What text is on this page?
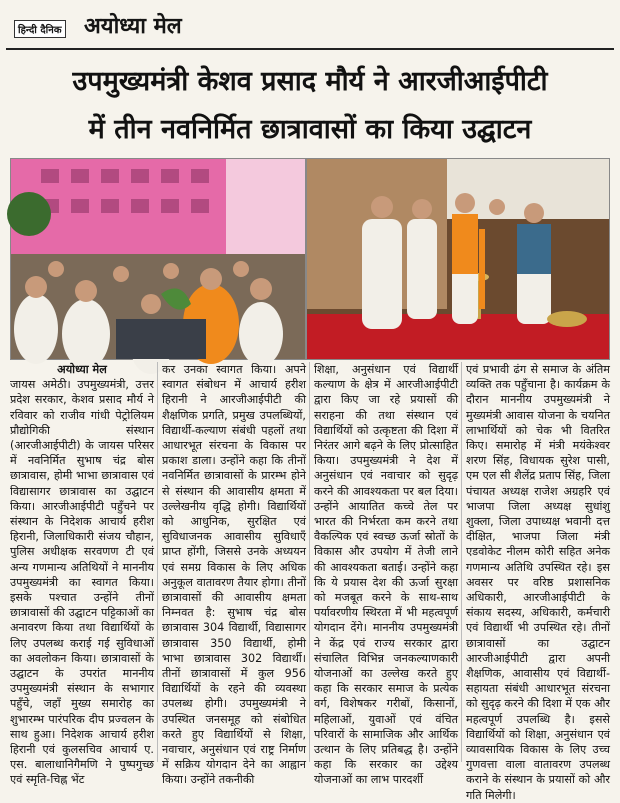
हिन्दी दैनिक अयोध्या मेल
उपमुख्यमंत्री केशव प्रसाद मौर्य ने आरजीआईपीटी
में तीन नवनिर्मित छात्रावासों का किया उद्घाटन
अयोध्या मेल
जायस अमेठी। उपमुख्यमंत्री, उत्तर प्रदेश सरकार, केशव प्रसाद मौर्य ने रविवार को राजीव गांधी पेट्रोलियम प्रौद्योगिकी संस्थान (आरजीआईपीटी) के जायस परिसर में नवनिर्मित सुभाष चंद्र बोस छात्रावास, होमी भाभा छात्रावास एवं विद्यासागर छात्रावास का उद्घाटन किया। आरजीआईपीटी पहुँचने पर संस्थान के निदेशक आचार्य हरीश हिरानी, जिलाधिकारी संजय चौहान, पुलिस अधीक्षक सरवणण टी एवं अन्य गणमान्य अतिथियों ने माननीय उपमुख्यमंत्री का स्वागत किया। इसके पश्चात उन्होंने तीनों छात्रावासों की उद्घाटन पट्टिकाओं का अनावरण किया तथा विद्यार्थियों के लिए उपलब्ध कराई गई सुविधाओं का अवलोकन किया। छात्रावासों के उद्घाटन के उपरांत माननीय उपमुख्यमंत्री संस्थान के सभागार पहुँचे, जहाँ मुख्य समारोह का शुभारम्भ पारंपरिक दीप प्रज्वलन के साथ हुआ। निदेशक आचार्य हरीश हिरानी एवं कुलसचिव आचार्य ए. एस. बालाधानिगैमणि ने पुष्पगुच्छ एवं स्मृति-चिह्न भेंट
कर उनका स्वागत किया। अपने स्वागत संबोधन में आचार्य हरीश हिरानी ने आरजीआईपीटी की शैक्षणिक प्रगति, प्रमुख उपलब्धियों, विद्यार्थी-कल्याण संबंधी पहलों तथा आधारभूत संरचना के विकास पर प्रकाश डाला। उन्होंने कहा कि तीनों नवनिर्मित छात्रावासों के प्रारम्भ होने से संस्थान की आवासीय क्षमता में उल्लेखनीय वृद्धि होगी। विद्यार्थियों को आधुनिक, सुरक्षित एवं सुविधाजनक आवासीय सुविधाएँ प्राप्त होंगी, जिससे उनके अध्ययन एवं समग्र विकास के लिए अधिक अनुकूल वातावरण तैयार होगा। तीनों छात्रावासों की आवासीय क्षमता निम्नवत है: सुभाष चंद्र बोस छात्रावास 304 विद्यार्थी, विद्यासागर छात्रावास 350 विद्यार्थी, होमी भाभा छात्रावास 302 विद्यार्थी। तीनों छात्रावासों में कुल 956 विद्यार्थियों के रहने की व्यवस्था उपलब्ध होगी। उपमुख्यमंत्री ने उपस्थित जनसमूह को संबोधित करते हुए विद्यार्थियों से शिक्षा, नवाचार, अनुसंधान एवं राष्ट्र निर्माण में सक्रिय योगदान देने का आह्वान किया। उन्होंने तकनीकी
शिक्षा, अनुसंधान एवं विद्यार्थी कल्याण के क्षेत्र में आरजीआईपीटी द्वारा किए जा रहे प्रयासों की सराहना की तथा संस्थान एवं विद्यार्थियों को उत्कृष्टता की दिशा में निरंतर आगे बढ़ने के लिए प्रोत्साहित किया। उपमुख्यमंत्री ने देश में अनुसंधान एवं नवाचार को सुदृढ़ करने की आवश्यकता पर बल दिया। उन्होंने आयातित कच्चे तेल पर भारत की निर्भरता कम करने तथा वैकल्पिक एवं स्वच्छ ऊर्जा स्रोतों के विकास और उपयोग में तेजी लाने की आवश्यकता बताई। उन्होंने कहा कि ये प्रयास देश की ऊर्जा सुरक्षा को मजबूत करने के साथ-साथ पर्यावरणीय स्थिरता में भी महत्वपूर्ण योगदान देंगे। माननीय उपमुख्यमंत्री ने केंद्र एवं राज्य सरकार द्वारा संचालित विभिन्न जनकल्याणकारी योजनाओं का उल्लेख करते हुए कहा कि सरकार समाज के प्रत्येक वर्ग, विशेषकर गरीबों, किसानों, महिलाओं, युवाओं एवं वंचित परिवारों के सामाजिक और आर्थिक उत्थान के लिए प्रतिबद्ध है। उन्होंने कहा कि सरकार का उद्देश्य योजनाओं का लाभ पारदर्शी
एवं प्रभावी ढंग से समाज के अंतिम व्यक्ति तक पहुँचाना है। कार्यक्रम के दौरान माननीय उपमुख्यमंत्री ने मुख्यमंत्री आवास योजना के चयनित लाभार्थियों को चेक भी वितरित किए। समारोह में मंत्री मयंकेश्वर शरण सिंह, विधायक सुरेश पासी, एम एल सी शैलेंद्र प्रताप सिंह, जिला पंचायत अध्यक्ष राजेश अग्रहरि एवं भाजपा जिला अध्यक्ष सुधांशु शुक्ला, जिला उपाध्यक्ष भवानी दत्त दीक्षित, भाजपा जिला मंत्री एडवोकेट नीलम कोरी सहित अनेक गणमान्य अतिथि उपस्थित रहे। इस अवसर पर वरिष्ठ प्रशासनिक अधिकारी, आरजीआईपीटी के संकाय सदस्य, अधिकारी, कर्मचारी एवं विद्यार्थी भी उपस्थित रहे। तीनों छात्रावासों का उद्घाटन आरजीआईपीटी द्वारा अपनी शैक्षणिक, आवासीय एवं विद्यार्थी-सहायता संबंधी आधारभूत संरचना को सुदृढ़ करने की दिशा में एक और महत्वपूर्ण उपलब्धि है। इससे विद्यार्थियों को शिक्षा, अनुसंधान एवं व्यावसायिक विकास के लिए उच्च गुणवत्ता वाला वातावरण उपलब्ध कराने के संस्थान के प्रयासों को और गति मिलेगी।
